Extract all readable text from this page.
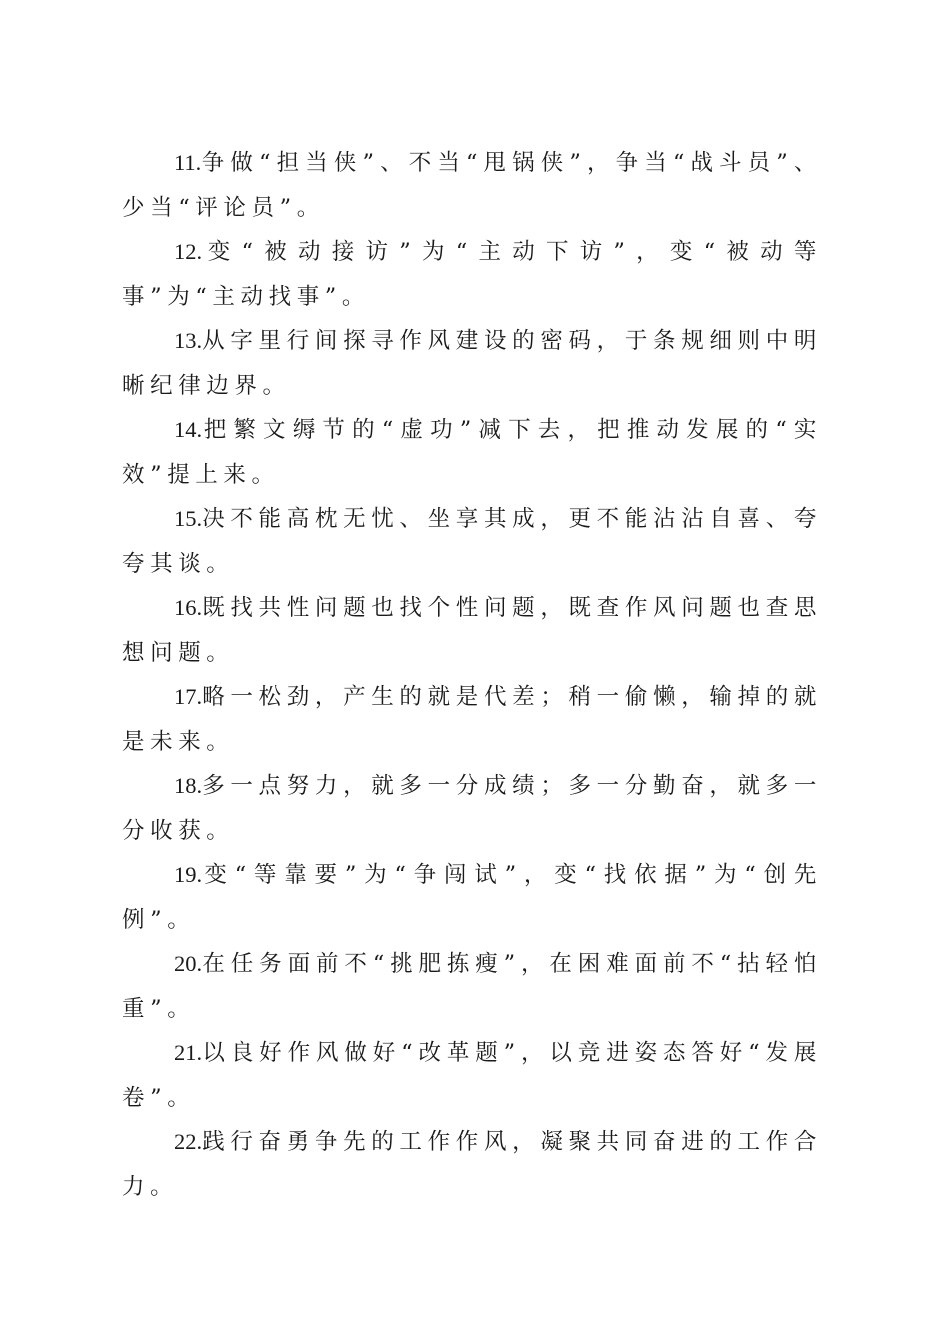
11.争做“担当侠”、不当“甩锅侠”，争当“战斗员”、少当“评论员”。

12.变“被动接访”为“主动下访”，变“被动等事”为“主动找事”。

13.从字里行间探寻作风建设的密码，于条规细则中明晰纪律边界。

14.把繁文缛节的“虚功”减下去，把推动发展的“实效”提上来。

15.决不能高枕无忧、坐享其成，更不能沾沾自喜、夸夸其谈。

16.既找共性问题也找个性问题，既查作风问题也查思想问题。

17.略一松劲，产生的就是代差；稍一偷懒，输掉的就是未来。

18.多一点努力，就多一分成绩；多一分勤奋，就多一分收获。

19.变“等靠要”为“争闯试”，变“找依据”为“创先例”。

20.在任务面前不“挑肥拣瘦”，在困难面前不“拈轻怕重”。

21.以良好作风做好“改革题”，以竞进姿态答好“发展卷”。

22.践行奋勇争先的工作作风，凝聚共同奋进的工作合力。
